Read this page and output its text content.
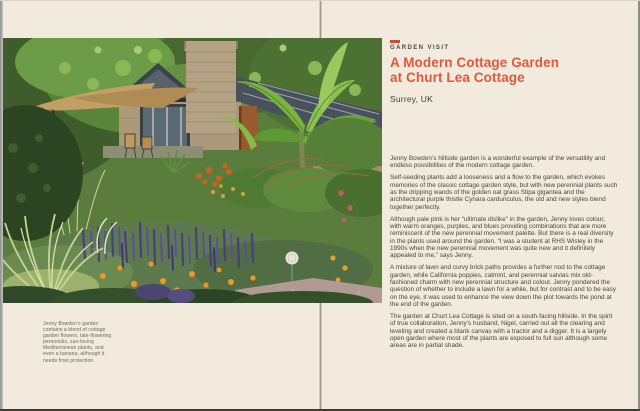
Jenny Bowden’s garden contains a blend of cottage garden flowers, late-flowering perennials, sun-loving Mediterranean plants, and even a banana, although it needs frost protection.

GARDEN VISIT
A Modern Cottage Garden
at Churt Lea Cottage
Surrey, UK

Jenny Bowden’s hillside garden is a wonderful example of the versatility and endless possibilities of the modern cottage garden.

Self-seeding plants add a looseness and a flow to the garden, which evokes memories of the classic cottage garden style, but with new perennial plants such as the dripping wands of the golden oat grass Stipa gigantea and the architectural purple thistle Cynara cardunculus, the old and new styles blend together perfectly.

Although pale pink is her “ultimate dislike” in the garden, Jenny loves colour, with warm oranges, purples, and blues providing combinations that are more reminiscent of the new perennial movement palette. But there is a real diversity in the plants used around the garden. “I was a student at RHS Wisley in the 1990s when the new perennial movement was quite new and it definitely appealed to me,” says Jenny.

A mixture of lawn and curvy brick paths provides a further nod to the cottage garden, while California poppies, catmint, and perennial salvias mix old-fashioned charm with new perennial structure and colour. Jenny pondered the question of whether to include a lawn for a while, but for contrast and to be easy on the eye, it was used to enhance the view down the plot towards the pond at the end of the garden.

The garden at Churt Lea Cottage is sited on a south-facing hillside. In the spirit of true collaboration, Jenny’s husband, Nigel, carried out all the clearing and leveling and created a blank canvas with a tractor and a digger. It is a largely open garden where most of the plants are exposed to full sun although some areas are in partial shade.
